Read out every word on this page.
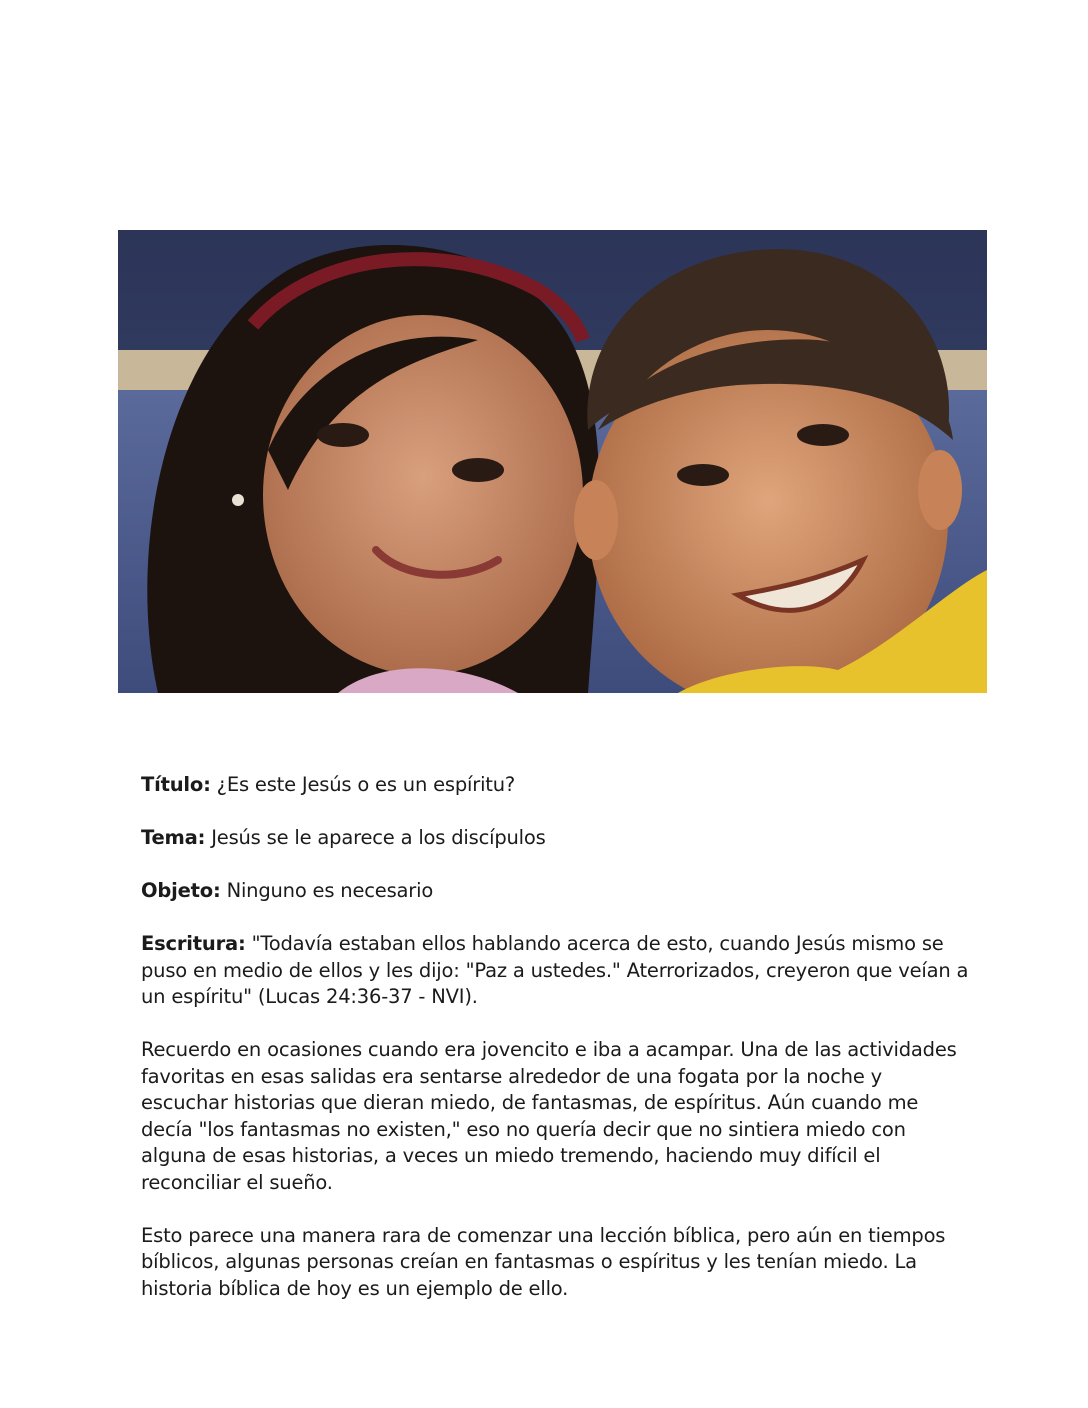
Título: ¿Es este Jesús o es un espíritu?

Tema: Jesús se le aparece a los discípulos

Objeto: Ninguno es necesario

Escritura: "Todavía estaban ellos hablando acerca de esto, cuando Jesús mismo se puso en medio de ellos y les dijo: "Paz a ustedes." Aterrorizados, creyeron que veían a un espíritu" (Lucas 24:36-37 - NVI).

Recuerdo en ocasiones cuando era jovencito e iba a acampar. Una de las actividades favoritas en esas salidas era sentarse alrededor de una fogata por la noche y escuchar historias que dieran miedo, de fantasmas, de espíritus. Aún cuando me decía "los fantasmas no existen," eso no quería decir que no sintiera miedo con alguna de esas historias, a veces un miedo tremendo, haciendo muy difícil el reconciliar el sueño.

Esto parece una manera rara de comenzar una lección bíblica, pero aún en tiempos bíblicos, algunas personas creían en fantasmas o espíritus y les tenían miedo. La historia bíblica de hoy es un ejemplo de ello.
